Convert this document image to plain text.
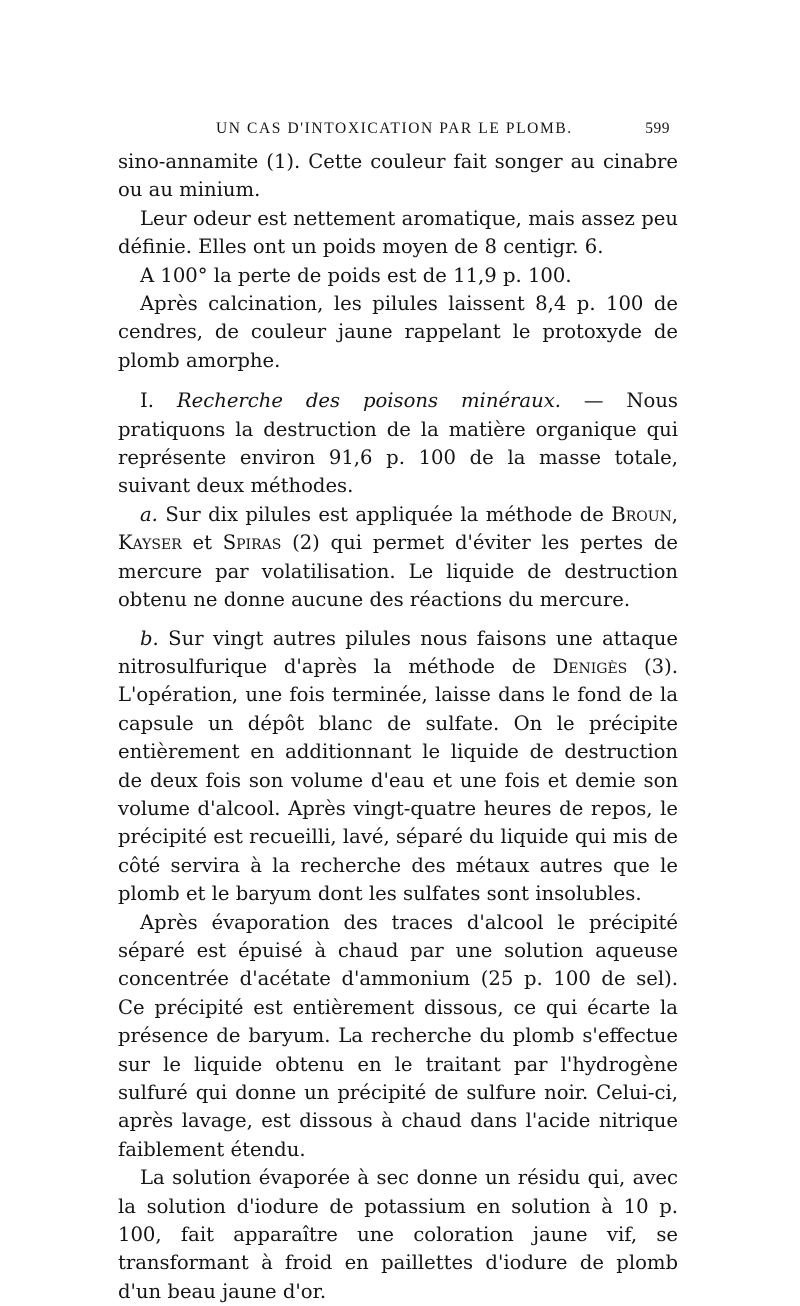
UN CAS D'INTOXICATION PAR LE PLOMB.	599

sino-annamite (1). Cette couleur fait songer au cinabre ou au minium.

Leur odeur est nettement aromatique, mais assez peu définie. Elles ont un poids moyen de 8 centigr. 6.

A 100° la perte de poids est de 11,9 p. 100.

Après calcination, les pilules laissent 8,4 p. 100 de cendres, de couleur jaune rappelant le protoxyde de plomb amorphe.

I. Recherche des poisons minéraux. — Nous pratiquons la destruction de la matière organique qui représente environ 91,6 p. 100 de la masse totale, suivant deux méthodes.

a. Sur dix pilules est appliquée la méthode de Broun, Kayser et Spiras (2) qui permet d'éviter les pertes de mercure par volatilisation. Le liquide de destruction obtenu ne donne aucune des réactions du mercure.

b. Sur vingt autres pilules nous faisons une attaque nitrosulfurique d'après la méthode de Denigès (3). L'opération, une fois terminée, laisse dans le fond de la capsule un dépôt blanc de sulfate. On le précipite entièrement en additionnant le liquide de destruction de deux fois son volume d'eau et une fois et demie son volume d'alcool. Après vingt-quatre heures de repos, le précipité est recueilli, lavé, séparé du liquide qui mis de côté servira à la recherche des métaux autres que le plomb et le baryum dont les sulfates sont insolubles.

Après évaporation des traces d'alcool le précipité séparé est épuisé à chaud par une solution aqueuse concentrée d'acétate d'ammonium (25 p. 100 de sel). Ce précipité est entièrement dissous, ce qui écarte la présence de baryum. La recherche du plomb s'effectue sur le liquide obtenu en le traitant par l'hydrogène sulfuré qui donne un précipité de sulfure noir. Celui-ci, après lavage, est dissous à chaud dans l'acide nitrique faiblement étendu.

La solution évaporée à sec donne un résidu qui, avec la solution d'iodure de potassium en solution à 10 p. 100, fait apparaître une coloration jaune vif, se transformant à froid en paillettes d'iodure de plomb d'un beau jaune d'or.
